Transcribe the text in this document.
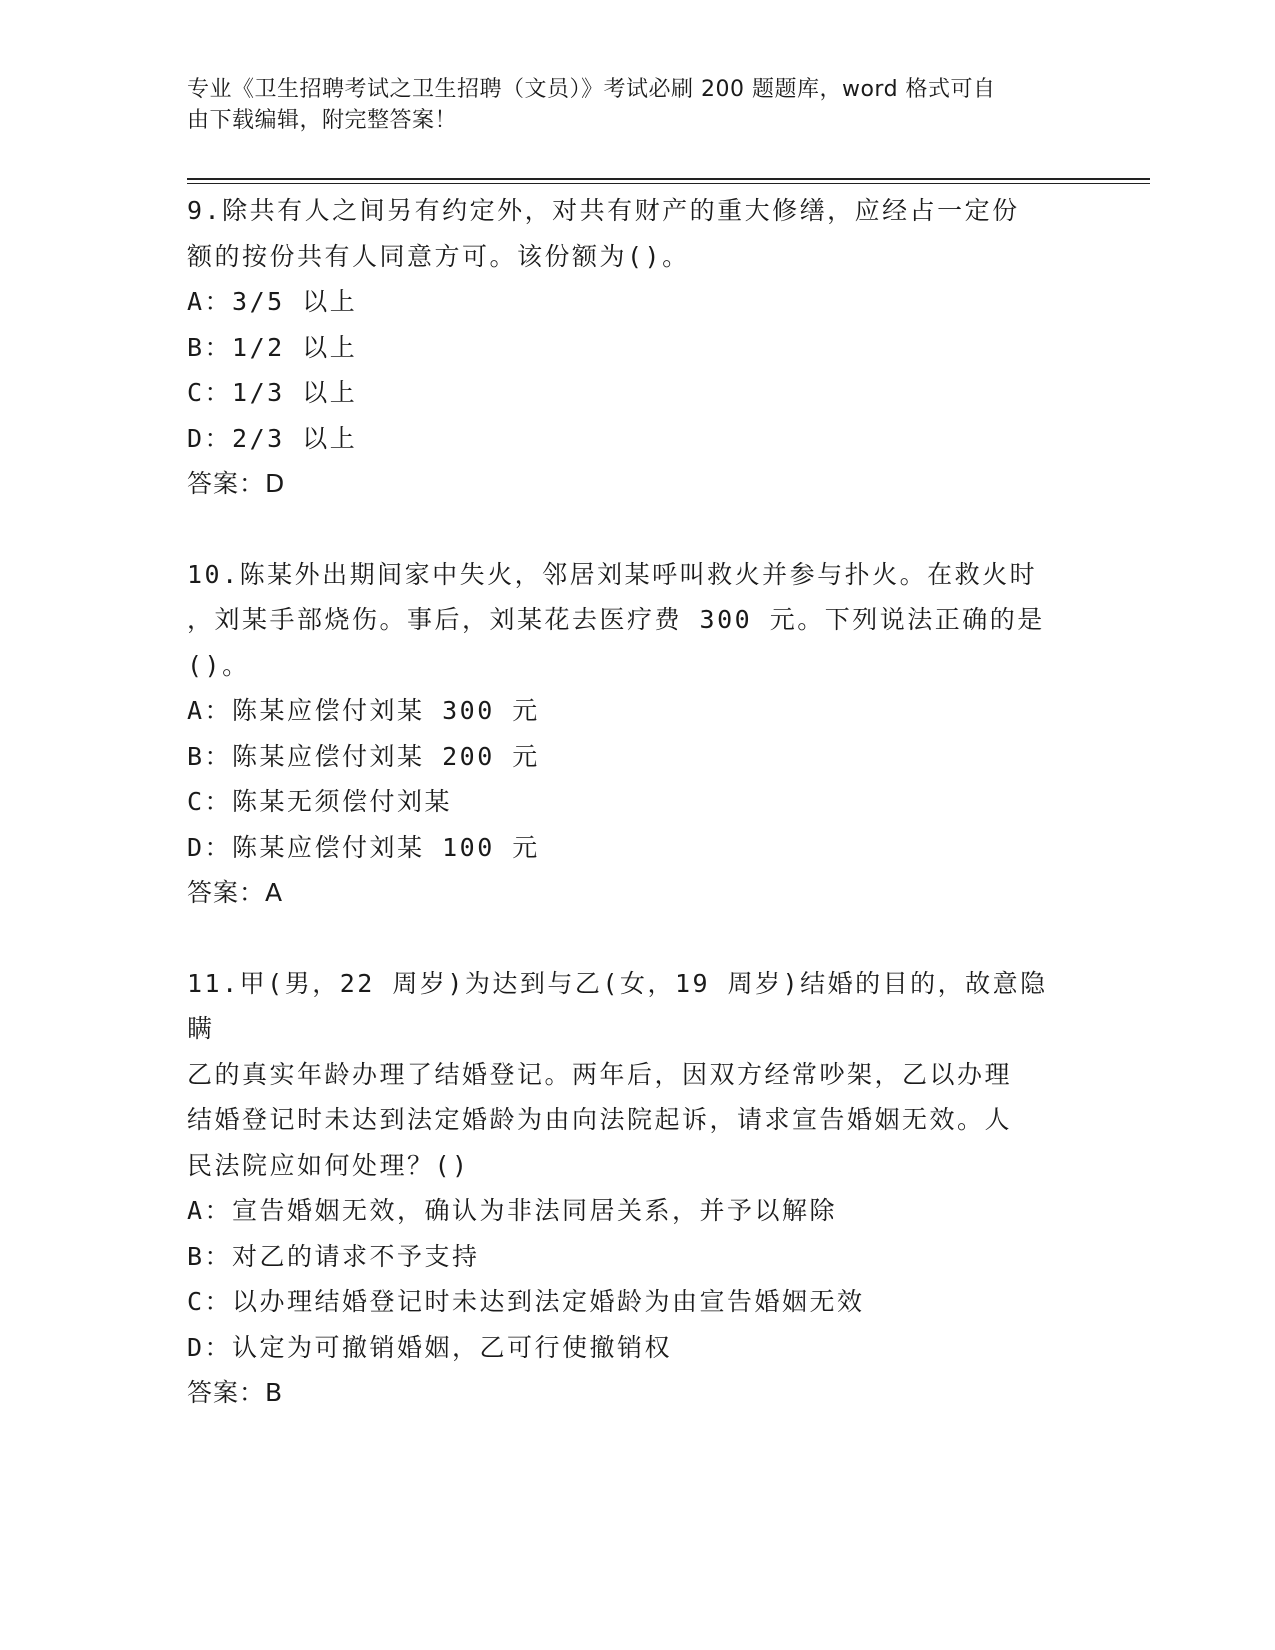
专业《卫生招聘考试之卫生招聘（文员）》考试必刷 200 题题库，word 格式可自
由下载编辑，附完整答案！

9.除共有人之间另有约定外，对共有财产的重大修缮，应经占一定份

额的按份共有人同意方可。该份额为()。

A：3/5 以上

B：1/2 以上

C：1/3 以上

D：2/3 以上

答案：D

10.陈某外出期间家中失火，邻居刘某呼叫救火并参与扑火。在救火时

，刘某手部烧伤。事后，刘某花去医疗费 300 元。下列说法正确的是

()。

A：陈某应偿付刘某 300 元

B：陈某应偿付刘某 200 元

C：陈某无须偿付刘某

D：陈某应偿付刘某 100 元

答案：A

11.甲(男，22 周岁)为达到与乙(女，19 周岁)结婚的目的，故意隐瞒

乙的真实年龄办理了结婚登记。两年后，因双方经常吵架，乙以办理

结婚登记时未达到法定婚龄为由向法院起诉，请求宣告婚姻无效。人

民法院应如何处理？()

A：宣告婚姻无效，确认为非法同居关系，并予以解除

B：对乙的请求不予支持

C：以办理结婚登记时未达到法定婚龄为由宣告婚姻无效

D：认定为可撤销婚姻，乙可行使撤销权

答案：B
